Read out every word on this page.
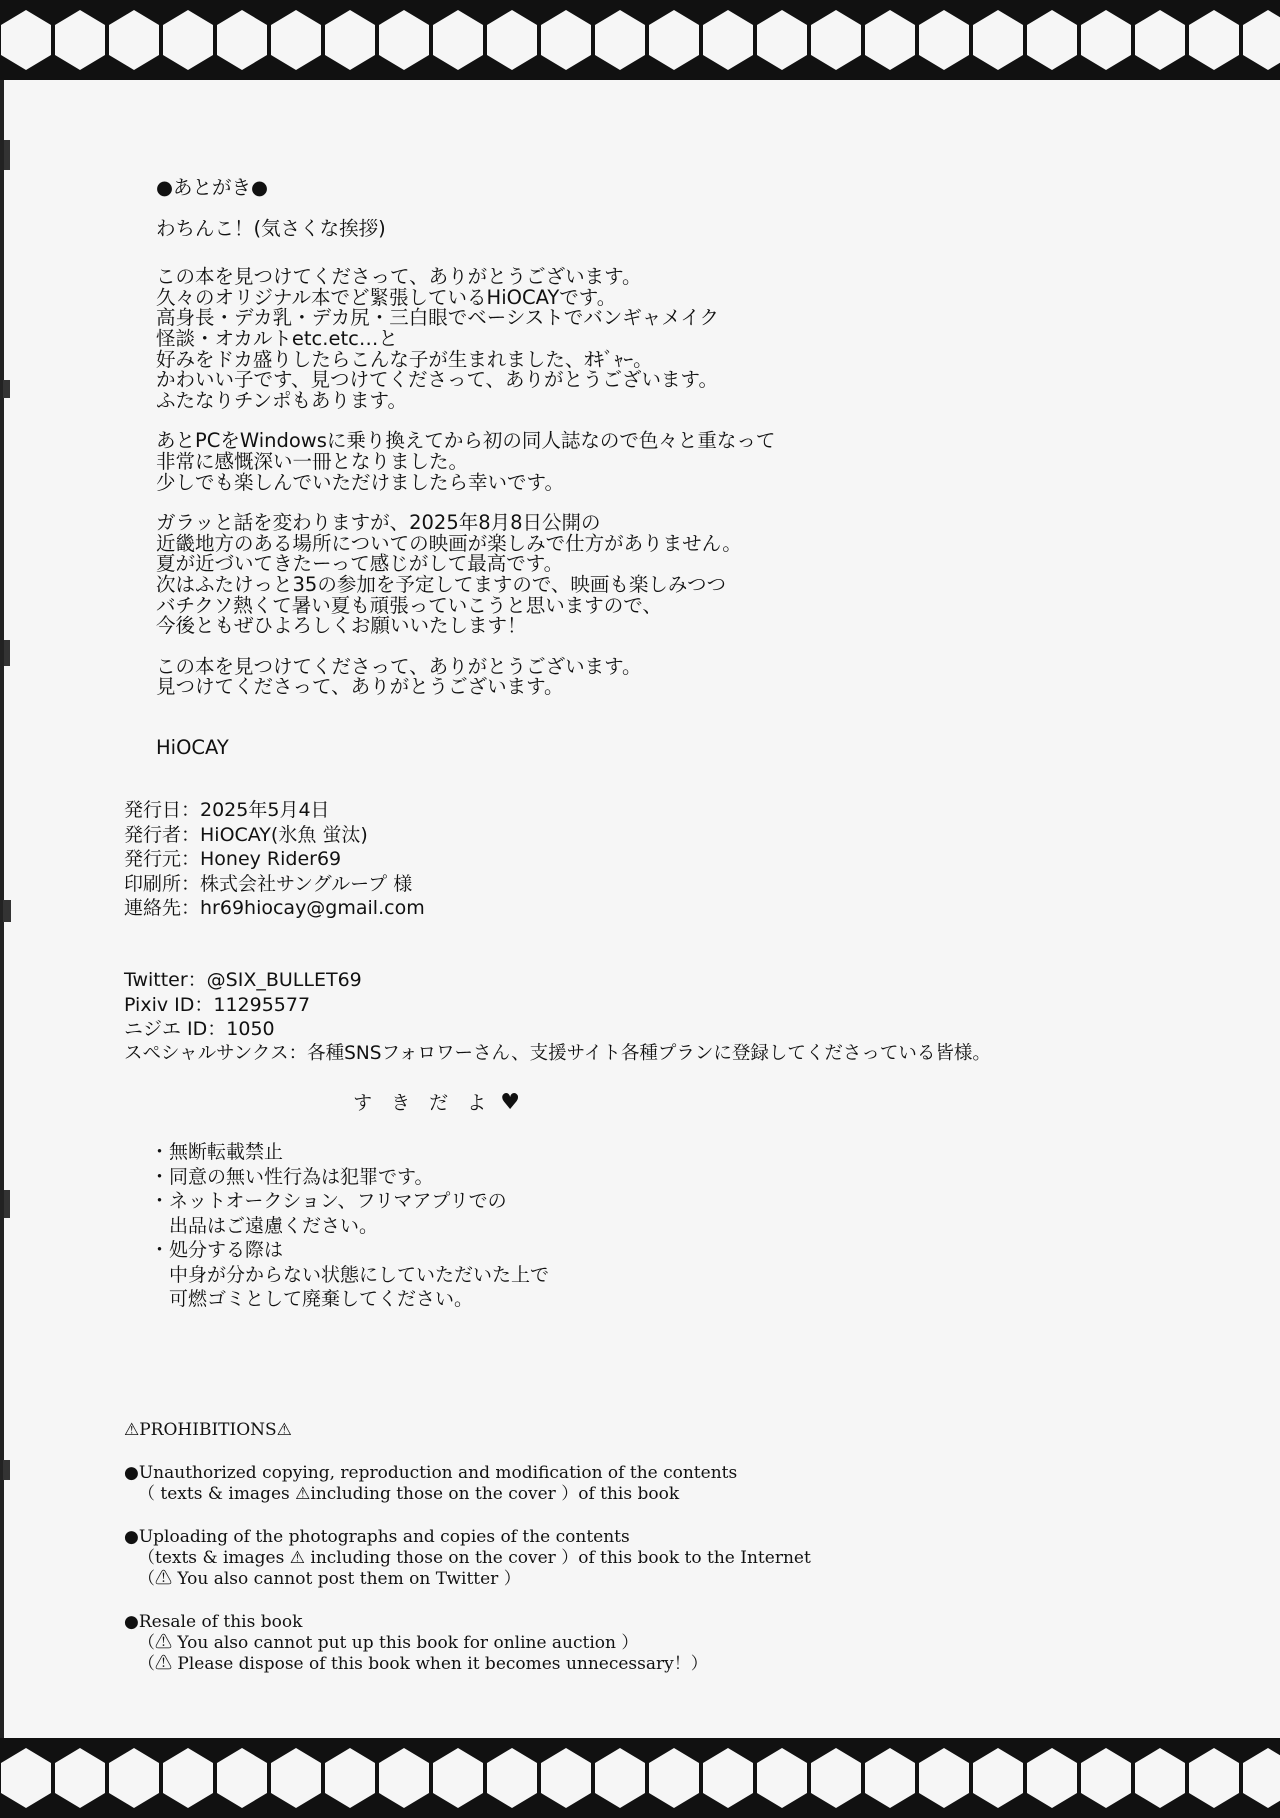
●あとがき●
わちんこ！(気さくな挨拶)
この本を見つけてくださって、ありがとうございます。
久々のオリジナル本でど緊張しているHiOCAYです。
高身長・デカ乳・デカ尻・三白眼でベーシストでバンギャメイク
怪談・オカルトetc.etc…と
好みをドカ盛りしたらこんな子が生まれました、ｵｷﾞｬｰ。
かわいい子です、見つけてくださって、ありがとうございます。
ふたなりチンポもあります。
あとPCをWindowsに乗り換えてから初の同人誌なので色々と重なって
非常に感慨深い一冊となりました。
少しでも楽しんでいただけましたら幸いです。
ガラッと話を変わりますが、2025年8月8日公開の
近畿地方のある場所についての映画が楽しみで仕方がありません。
夏が近づいてきたーって感じがして最高です。
次はふたけっと35の参加を予定してますので、映画も楽しみつつ
バチクソ熱くて暑い夏も頑張っていこうと思いますので、
今後ともぜひよろしくお願いいたします！
この本を見つけてくださって、ありがとうございます。
見つけてくださって、ありがとうございます。
HiOCAY
発行日：2025年5月4日
発行者：HiOCAY(氷魚 蛍汰)
発行元：Honey Rider69
印刷所：株式会社サングループ 様
連絡先：hr69hiocay@gmail.com
Twitter：@SIX_BULLET69
Pixiv ID：11295577
ニジエ ID：1050
スペシャルサンクス：各種SNSフォロワーさん、支援サイト各種プランに登録してくださっている皆様。

す　き　だ　よ ♥

・無断転載禁止
・同意の無い性行為は犯罪です。
・ネットオークション、フリマアプリでの
　出品はご遠慮ください。
・処分する際は
　中身が分からない状態にしていただいた上で
　可燃ゴミとして廃棄してください。
⚠PROHIBITIONS⚠
●Unauthorized copying, reproduction and modification of the contents
（ texts & images ⚠including those on the cover ）of this book
●Uploading of the photographs and copies of the contents
（texts & images ⚠ including those on the cover ）of this book to the Internet
（⚠ You also cannot post them on Twitter ）
●Resale of this book
（⚠ You also cannot put up this book for online auction ）
（⚠ Please dispose of this book when it becomes unnecessary！）
